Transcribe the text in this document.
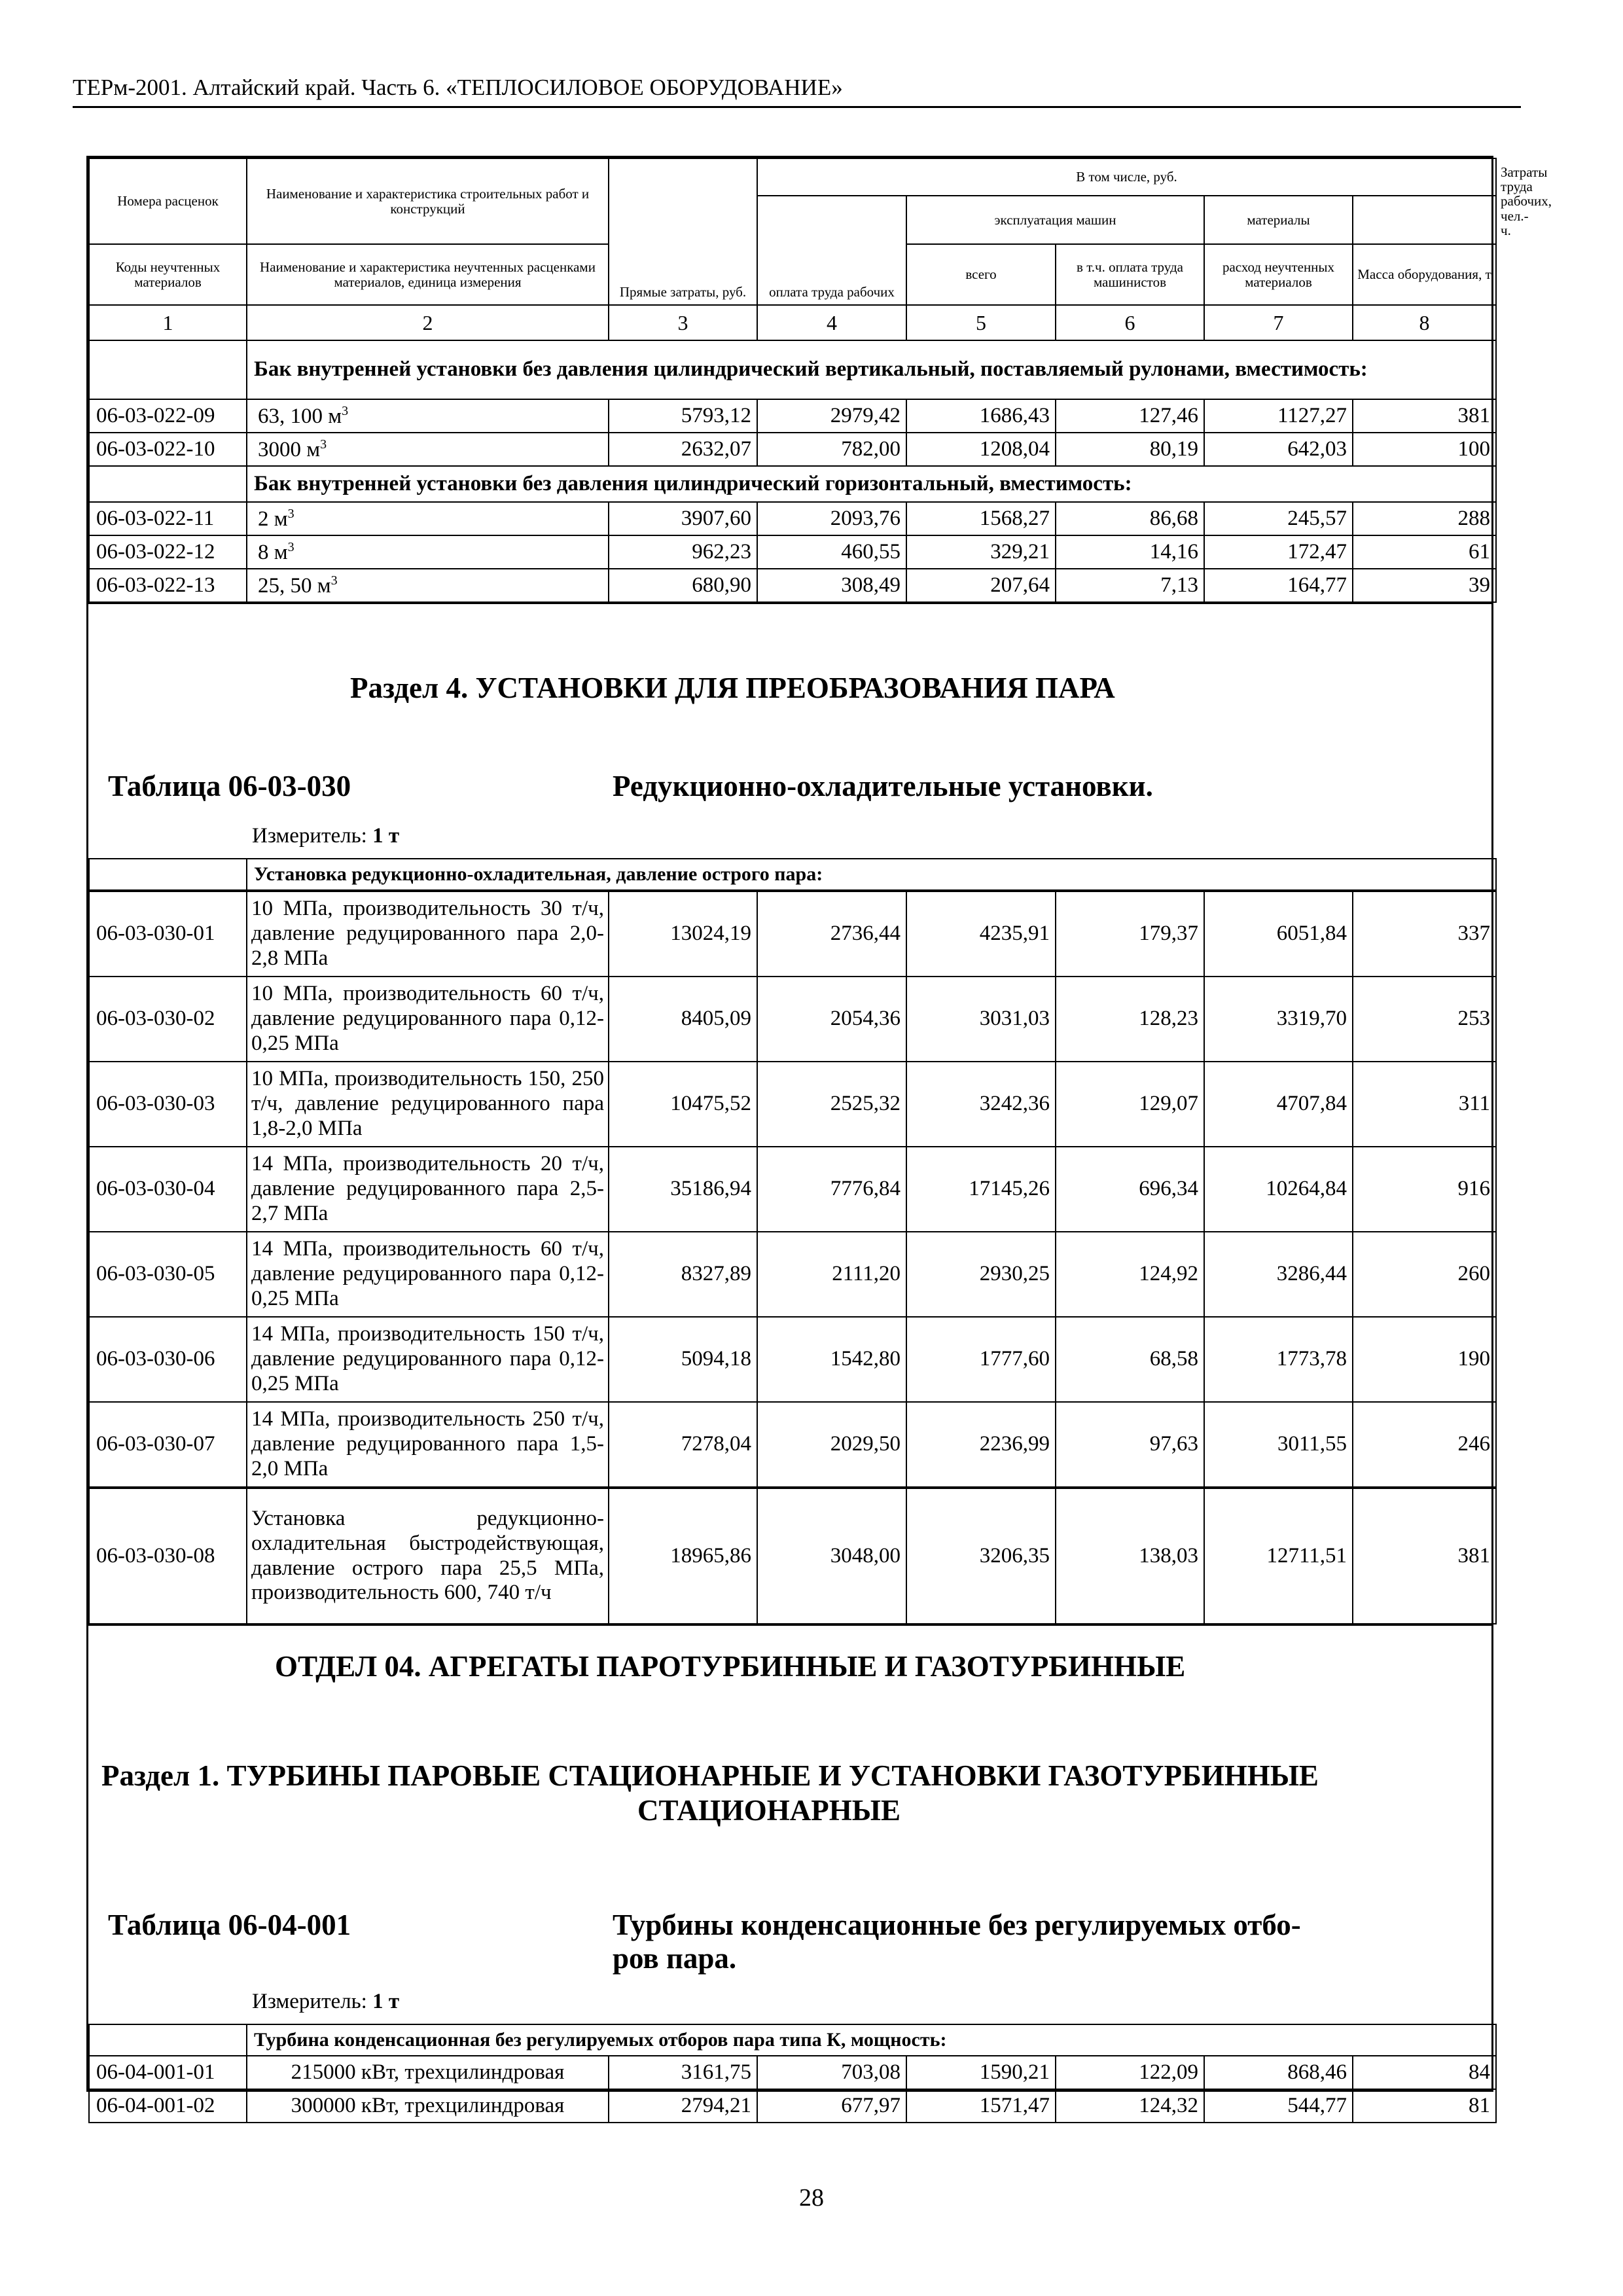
ТЕРм-2001. Алтайский край. Часть 6. «ТЕПЛОСИЛОВОЕ ОБОРУДОВАНИЕ»
Номера расценок	Наименование и характеристика строительных работ и конструкций	Прямые затраты, руб.	В том числе, руб.					Затраты труда рабочих, чел.-ч.
			оплата труда рабочих	эксплуатация машин		материалы		
Коды неучтенных материалов	Наименование и характеристика неучтенных расценками материалов, единица измерения			всего	в т.ч. оплата труда машинистов	расход неучтенных материалов	Масса оборудования, т	
1	2	3	4	5	6	7	8	
	Бак внутренней установки без давления цилиндрический вертикальный, поставляемый рулонами, вместимость:							
06-03-022-09	63, 100 $м^3$	5793,12	2979,42	1686,43	127,46	1127,27	381	
06-03-022-10	3000 $м^3$	2632,07	782,00	1208,04	80,19	642,03	100	
	Бак внутренней установки без давления цилиндрический горизонтальный, вместимость:							
06-03-022-11	2 $м^3$	3907,60	2093,76	1568,27	86,68	245,57	288	
06-03-022-12	8 $м^3$	962,23	460,55	329,21	14,16	172,47	61	
06-03-022-13	25, 50 $м^3$	680,90	308,49	207,64	7,13	164,77	39	
Раздел 4. УСТАНОВКИ ДЛЯ ПРЕОБРАЗОВАНИЯ ПАРА
Таблица 06-03-030	Редукционно-охладительные установки.
Измеритель: 1 т
	Установка редукционно-охладительная, давление острого пара:
06-03-030-01	10 МПа, производительность 30 т/ч, давление редуцированного пара 2,0-2,8 МПа	13024,19	2736,44	4235,91	179,37	6051,84	337
06-03-030-02	10 МПа, производительность 60 т/ч, давление редуцированного пара 0,12-0,25 МПа	8405,09	2054,36	3031,03	128,23	3319,70	253
06-03-030-03	10 МПа, производительность 150, 250 т/ч, давление редуцированного пара 1,8-2,0 МПа	10475,52	2525,32	3242,36	129,07	4707,84	311
06-03-030-04	14 МПа, производительность 20 т/ч, давление редуцированного пара 2,5-2,7 МПа	35186,94	7776,84	17145,26	696,34	10264,84	916
06-03-030-05	14 МПа, производительность 60 т/ч, давление редуцированного пара 0,12-0,25 МПа	8327,89	2111,20	2930,25	124,92	3286,44	260
06-03-030-06	14 МПа, производительность 150 т/ч, давление редуцированного пара 0,12-0,25 МПа	5094,18	1542,80	1777,60	68,58	1773,78	190
06-03-030-07	14 МПа, производительность 250 т/ч, давление редуцированного пара 1,5-2,0 МПа	7278,04	2029,50	2236,99	97,63	3011,55	246
06-03-030-08	Установка редукционно-охладительная быстродействующая, давление острого пара 25,5 МПа, производительность 600, 740 т/ч	18965,86	3048,00	3206,35	138,03	12711,51	381
ОТДЕЛ 04. АГРЕГАТЫ ПАРОТУРБИННЫЕ И ГАЗОТУРБИННЫЕ
Раздел 1. ТУРБИНЫ ПАРОВЫЕ СТАЦИОНАРНЫЕ И УСТАНОВКИ ГАЗОТУРБИННЫЕ
СТАЦИОНАРНЫЕ
Таблица 06-04-001	Турбины конденсационные без регулируемых отбо-
ров пара.
Измеритель: 1 т
	Турбина конденсационная без регулируемых отборов пара типа К, мощность:						
06-04-001-01	215000 кВт, трехцилиндровая	3161,75	703,08	1590,21	122,09	868,46	84
06-04-001-02	300000 кВт, трехцилиндровая	2794,21	677,97	1571,47	124,32	544,77	81
28
